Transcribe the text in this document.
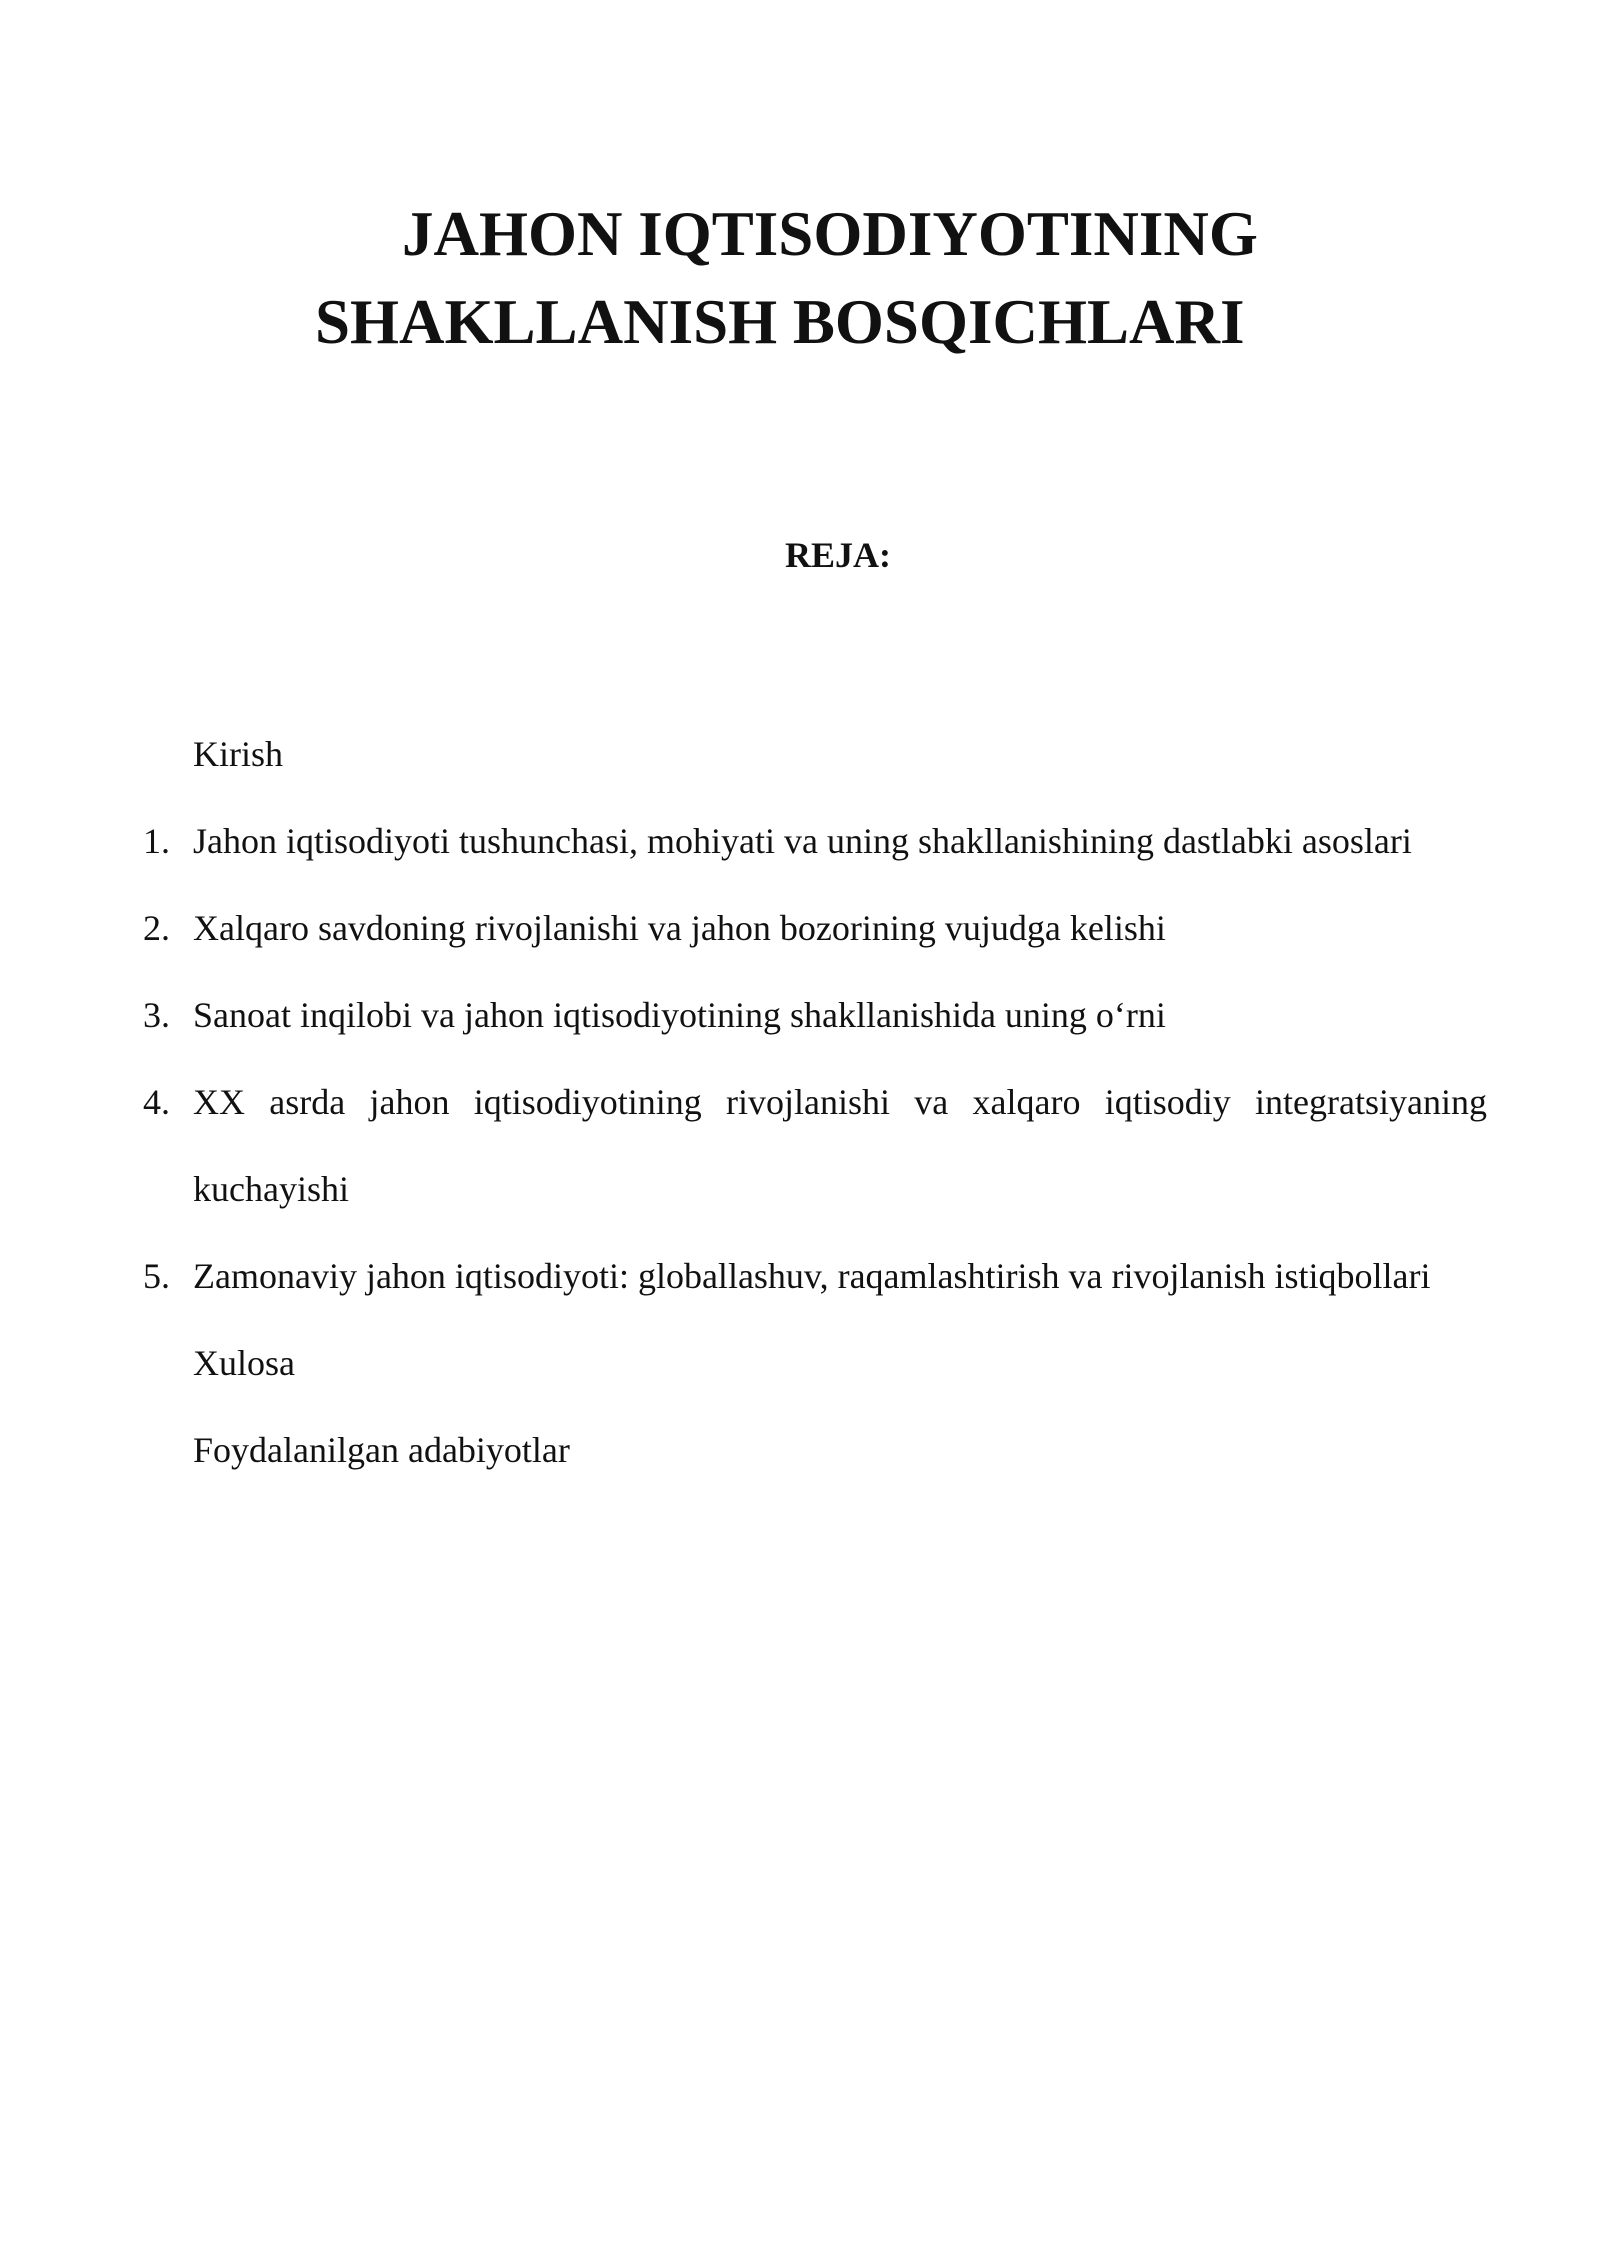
JAHON IQTISODIYOTINING
SHAKLLANISH BOSQICHLARI

REJA:

Kirish
1. Jahon iqtisodiyoti tushunchasi, mohiyati va uning shakllanishining dastlabki asoslari
2. Xalqaro savdoning rivojlanishi va jahon bozorining vujudga kelishi
3. Sanoat inqilobi va jahon iqtisodiyotining shakllanishida uning o‘rni
4. XX asrda jahon iqtisodiyotining rivojlanishi va xalqaro iqtisodiy integratsiyaning
kuchayishi
5. Zamonaviy jahon iqtisodiyoti: globallashuv, raqamlashtirish va rivojlanish istiqbollari
Xulosa
Foydalanilgan adabiyotlar
